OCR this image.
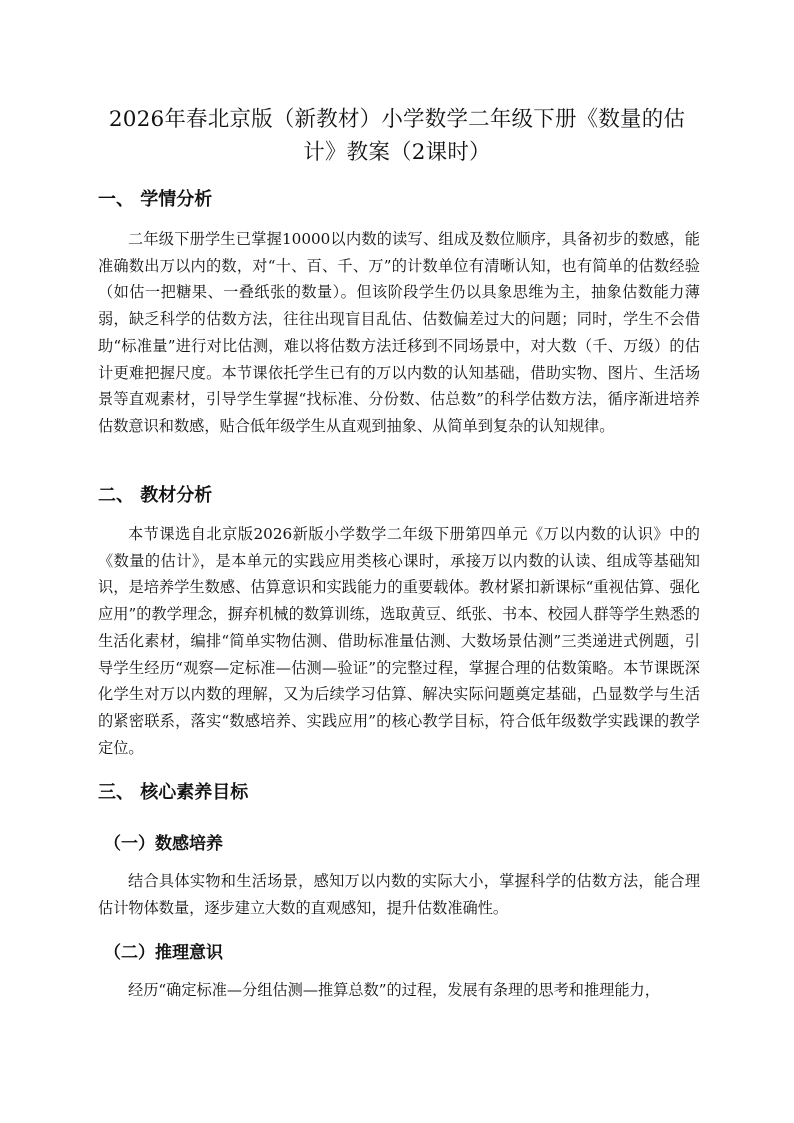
2026年春北京版（新教材）小学数学二年级下册《数量的估计》教案（2课时）
一、 学情分析

二年级下册学生已掌握10000以内数的读写、组成及数位顺序，具备初步的数感，能准确数出万以内的数，对“十、百、千、万”的计数单位有清晰认知，也有简单的估数经验（如估一把糖果、一叠纸张的数量）。但该阶段学生仍以具象思维为主，抽象估数能力薄弱，缺乏科学的估数方法，往往出现盲目乱估、估数偏差过大的问题；同时，学生不会借助“标准量”进行对比估测，难以将估数方法迁移到不同场景中，对大数（千、万级）的估计更难把握尺度。本节课依托学生已有的万以内数的认知基础，借助实物、图片、生活场景等直观素材，引导学生掌握“找标准、分份数、估总数”的科学估数方法，循序渐进培养估数意识和数感，贴合低年级学生从直观到抽象、从简单到复杂的认知规律。

二、 教材分析

本节课选自北京版2026新版小学数学二年级下册第四单元《万以内数的认识》中的《数量的估计》，是本单元的实践应用类核心课时，承接万以内数的认读、组成等基础知识，是培养学生数感、估算意识和实践能力的重要载体。教材紧扣新课标“重视估算、强化应用”的教学理念，摒弃机械的数算训练，选取黄豆、纸张、书本、校园人群等学生熟悉的生活化素材，编排“简单实物估测、借助标准量估测、大数场景估测”三类递进式例题，引导学生经历“观察—定标准—估测—验证”的完整过程，掌握合理的估数策略。本节课既深化学生对万以内数的理解，又为后续学习估算、解决实际问题奠定基础，凸显数学与生活的紧密联系，落实“数感培养、实践应用”的核心教学目标，符合低年级数学实践课的教学定位。

三、 核心素养目标
（一）数感培养

结合具体实物和生活场景，感知万以内数的实际大小，掌握科学的估数方法，能合理估计物体数量，逐步建立大数的直观感知，提升估数准确性。

（二）推理意识

经历“确定标准—分组估测—推算总数”的过程，发展有条理的思考和推理能力，
